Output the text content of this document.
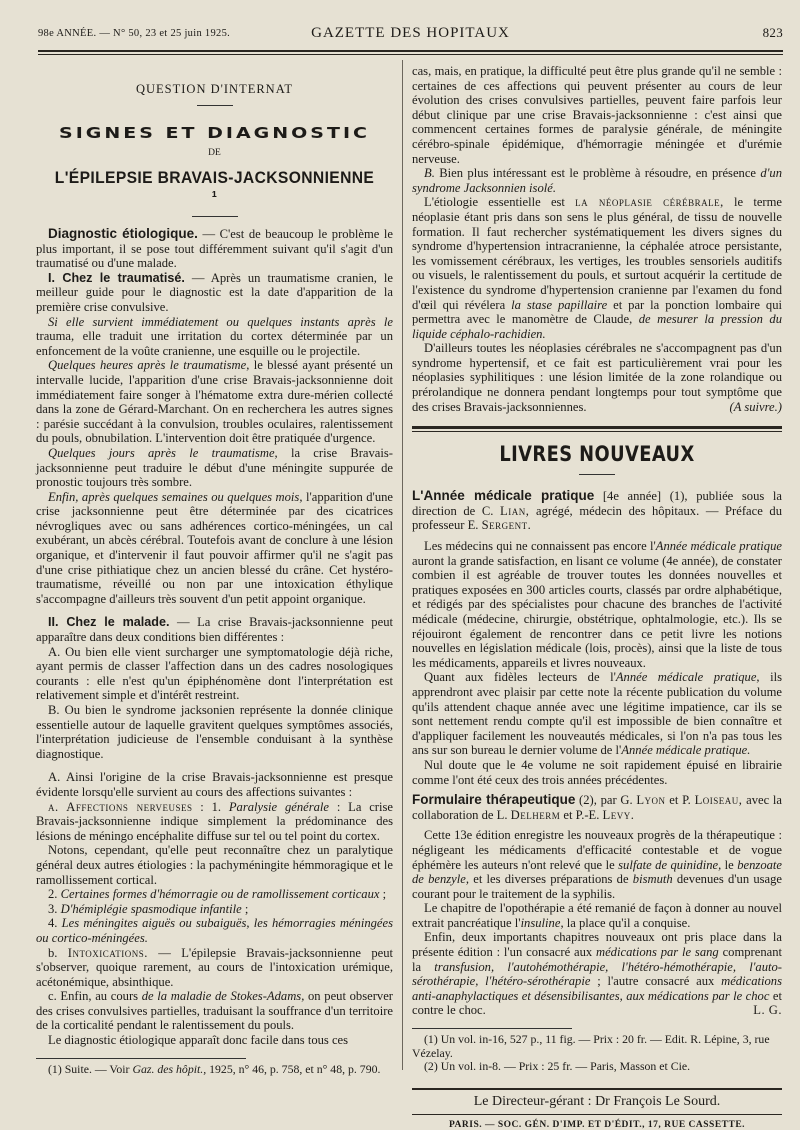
98e ANNÉE. — N° 50, 23 et 25 juin 1925.	GAZETTE DES HOPITAUX	823
QUESTION D'INTERNAT
SIGNES ET DIAGNOSTIC
DE
L'ÉPILEPSIE BRAVAIS-JACKSONNIENNE ¹

Diagnostic étiologique. — C'est de beaucoup le problème le plus important, il se pose tout différemment suivant qu'il s'agit d'un traumatisé ou d'une malade.

I. Chez le traumatisé. — Après un traumatisme cranien, le meilleur guide pour le diagnostic est la date d'apparition de la première crise convulsive.

Si elle survient immédiatement ou quelques instants après le trauma, elle traduit une irritation du cortex déterminée par un enfoncement de la voûte cranienne, une esquille ou le projectile.

Quelques heures après le traumatisme, le blessé ayant présenté un intervalle lucide, l'apparition d'une crise Bravais-jacksonnienne doit immédiatement faire songer à l'hématome extra dure-mérien collecté dans la zone de Gérard-Marchant. On en recherchera les autres signes : parésie succédant à la convulsion, troubles oculaires, ralentissement du pouls, obnubilation. L'intervention doit être pratiquée d'urgence.

Quelques jours après le traumatisme, la crise Bravais-jacksonnienne peut traduire le début d'une méningite suppurée de pronostic toujours très sombre.

Enfin, après quelques semaines ou quelques mois, l'apparition d'une crise jacksonnienne peut être déterminée par des cicatrices névrogliques avec ou sans adhérences cortico-méningées, un cal exubérant, un abcès cérébral. Toutefois avant de conclure à une lésion organique, et d'intervenir il faut pouvoir affirmer qu'il ne s'agit pas d'une crise pithiatique chez un ancien blessé du crâne. Cet hystéro-traumatisme, réveillé ou non par une intoxication éthylique s'accompagne d'ailleurs très souvent d'un petit appoint organique.

II. Chez le malade. — La crise Bravais-jacksonnienne peut apparaître dans deux conditions bien différentes :

A. Ou bien elle vient surcharger une symptomatologie déjà riche, ayant permis de classer l'affection dans un des cadres nosologiques courants : elle n'est qu'un épiphénomène dont l'interprétation est relativement simple et d'intérêt restreint.

B. Ou bien le syndrome jacksonien représente la donnée clinique essentielle autour de laquelle gravitent quelques symptômes associés, l'interprétation judicieuse de l'ensemble conduisant à la synthèse diagnostique.

A. Ainsi l'origine de la crise Bravais-jacksonnienne est presque évidente lorsqu'elle survient au cours des affections suivantes :

a. Affections nerveuses : 1. Paralysie générale : La crise Bravais-jacksonnienne indique simplement la prédominance des lésions de méningo encéphalite diffuse sur tel ou tel point du cortex.

Notons, cependant, qu'elle peut reconnaître chez un paralytique général deux autres étiologies : la pachyméningite hémmoragique et le ramollissement cortical.

2. Certaines formes d'hémorragie ou de ramollissement corticaux ;

3. D'hémiplégie spasmodique infantile ;

4. Les méningites aiguës ou subaiguës, les hémorragies méningées ou cortico-méningées.

b. Intoxications. — L'épilepsie Bravais-jacksonnienne peut s'observer, quoique rarement, au cours de l'intoxication urémique, acétonémique, absinthique.

c. Enfin, au cours de la maladie de Stokes-Adams, on peut observer des crises convulsives partielles, traduisant la souffrance d'un territoire de la corticalité pendant le ralentissement du pouls.

Le diagnostic étiologique apparaît donc facile dans tous ces

(1) Suite. — Voir Gaz. des hôpit., 1925, n° 46, p. 758, et n° 48, p. 790.

cas, mais, en pratique, la difficulté peut être plus grande qu'il ne semble : certaines de ces affections qui peuvent présenter au cours de leur évolution des crises convulsives partielles, peuvent faire parfois leur début clinique par une crise Bravais-jacksonnienne : c'est ainsi que commencent certaines formes de paralysie générale, de méningite cérébro-spinale épidémique, d'hémorragie méningée et d'urémie nerveuse.

B. Bien plus intéressant est le problème à résoudre, en présence d'un syndrome Jacksonnien isolé.

L'étiologie essentielle est la néoplasie cérébrale, le terme néoplasie étant pris dans son sens le plus général, de tissu de nouvelle formation. Il faut rechercher systématiquement les divers signes du syndrome d'hypertension intracranienne, la céphalée atroce persistante, les vomissement cérébraux, les vertiges, les troubles sensoriels auditifs ou visuels, le ralentissement du pouls, et surtout acquérir la certitude de l'existence du syndrome d'hypertension cranienne par l'examen du fond d'œil qui révélera la stase papillaire et par la ponction lombaire qui permettra avec le manomètre de Claude, de mesurer la pression du liquide céphalo-rachidien.

D'ailleurs toutes les néoplasies cérébrales ne s'accompagnent pas d'un syndrome hypertensif, et ce fait est particulièrement vrai pour les néoplasies syphilitiques : une lésion limitée de la zone rolandique ou prérolandique ne donnera pendant longtemps pour tout symptôme que des crises Bravais-jacksonniennes.	(A suivre.)

LIVRES NOUVEAUX

L'Année médicale pratique [4e année] (1), publiée sous la direction de C. Lian, agrégé, médecin des hôpitaux. — Préface du professeur E. Sergent.

Les médecins qui ne connaissent pas encore l'Année médicale pratique auront la grande satisfaction, en lisant ce volume (4e année), de constater combien il est agréable de trouver toutes les données nouvelles et pratiques exposées en 300 articles courts, classés par ordre alphabétique, et rédigés par des spécialistes pour chacune des branches de l'activité médicale (médecine, chirurgie, obstétrique, ophtalmologie, etc.). Ils se réjouiront également de rencontrer dans ce petit livre les notions nouvelles en législation médicale (lois, procès), ainsi que la liste de tous les médicaments, appareils et livres nouveaux.

Quant aux fidèles lecteurs de l'Année médicale pratique, ils apprendront avec plaisir par cette note la récente publication du volume qu'ils attendent chaque année avec une légitime impatience, car ils se sont nettement rendu compte qu'il est impossible de bien connaître et d'appliquer facilement les nouveautés médicales, si l'on n'a pas tous les ans sur son bureau le dernier volume de l'Année médicale pratique.

Nul doute que le 4e volume ne soit rapidement épuisé en librairie comme l'ont été ceux des trois années précédentes.

Formulaire thérapeutique (2), par G. Lyon et P. Loiseau, avec la collaboration de L. Delherm et P.-E. Levy.

Cette 13e édition enregistre les nouveaux progrès de la thérapeutique : négligeant les médicaments d'efficacité contestable et de vogue éphémère les auteurs n'ont relevé que le sulfate de quinidine, le benzoate de benzyle, et les diverses préparations de bismuth devenues d'un usage courant pour le traitement de la syphilis.

Le chapitre de l'opothérapie a été remanié de façon à donner au nouvel extrait pancréatique l'insuline, la place qu'il a conquise.

Enfin, deux importants chapitres nouveaux ont pris place dans la présente édition : l'un consacré aux médications par le sang comprenant la transfusion, l'autohémothérapie, l'hétéro-hémothérapie, l'auto-sérothérapie, l'hétéro-sérothérapie ; l'autre consacré aux médications anti-anaphylactiques et désensibilisantes, aux médications par le choc et contre le choc.	L. G.

(1) Un vol. in-16, 527 p., 11 fig. — Prix : 20 fr. — Edit. R. Lépine, 3, rue Vézelay.

(2) Un vol. in-8. — Prix : 25 fr. — Paris, Masson et Cie.

Le Directeur-gérant : Dr François Le Sourd.
PARIS. — SOC. GÉN. D'IMP. ET D'ÉDIT., 17, RUE CASSETTE.
